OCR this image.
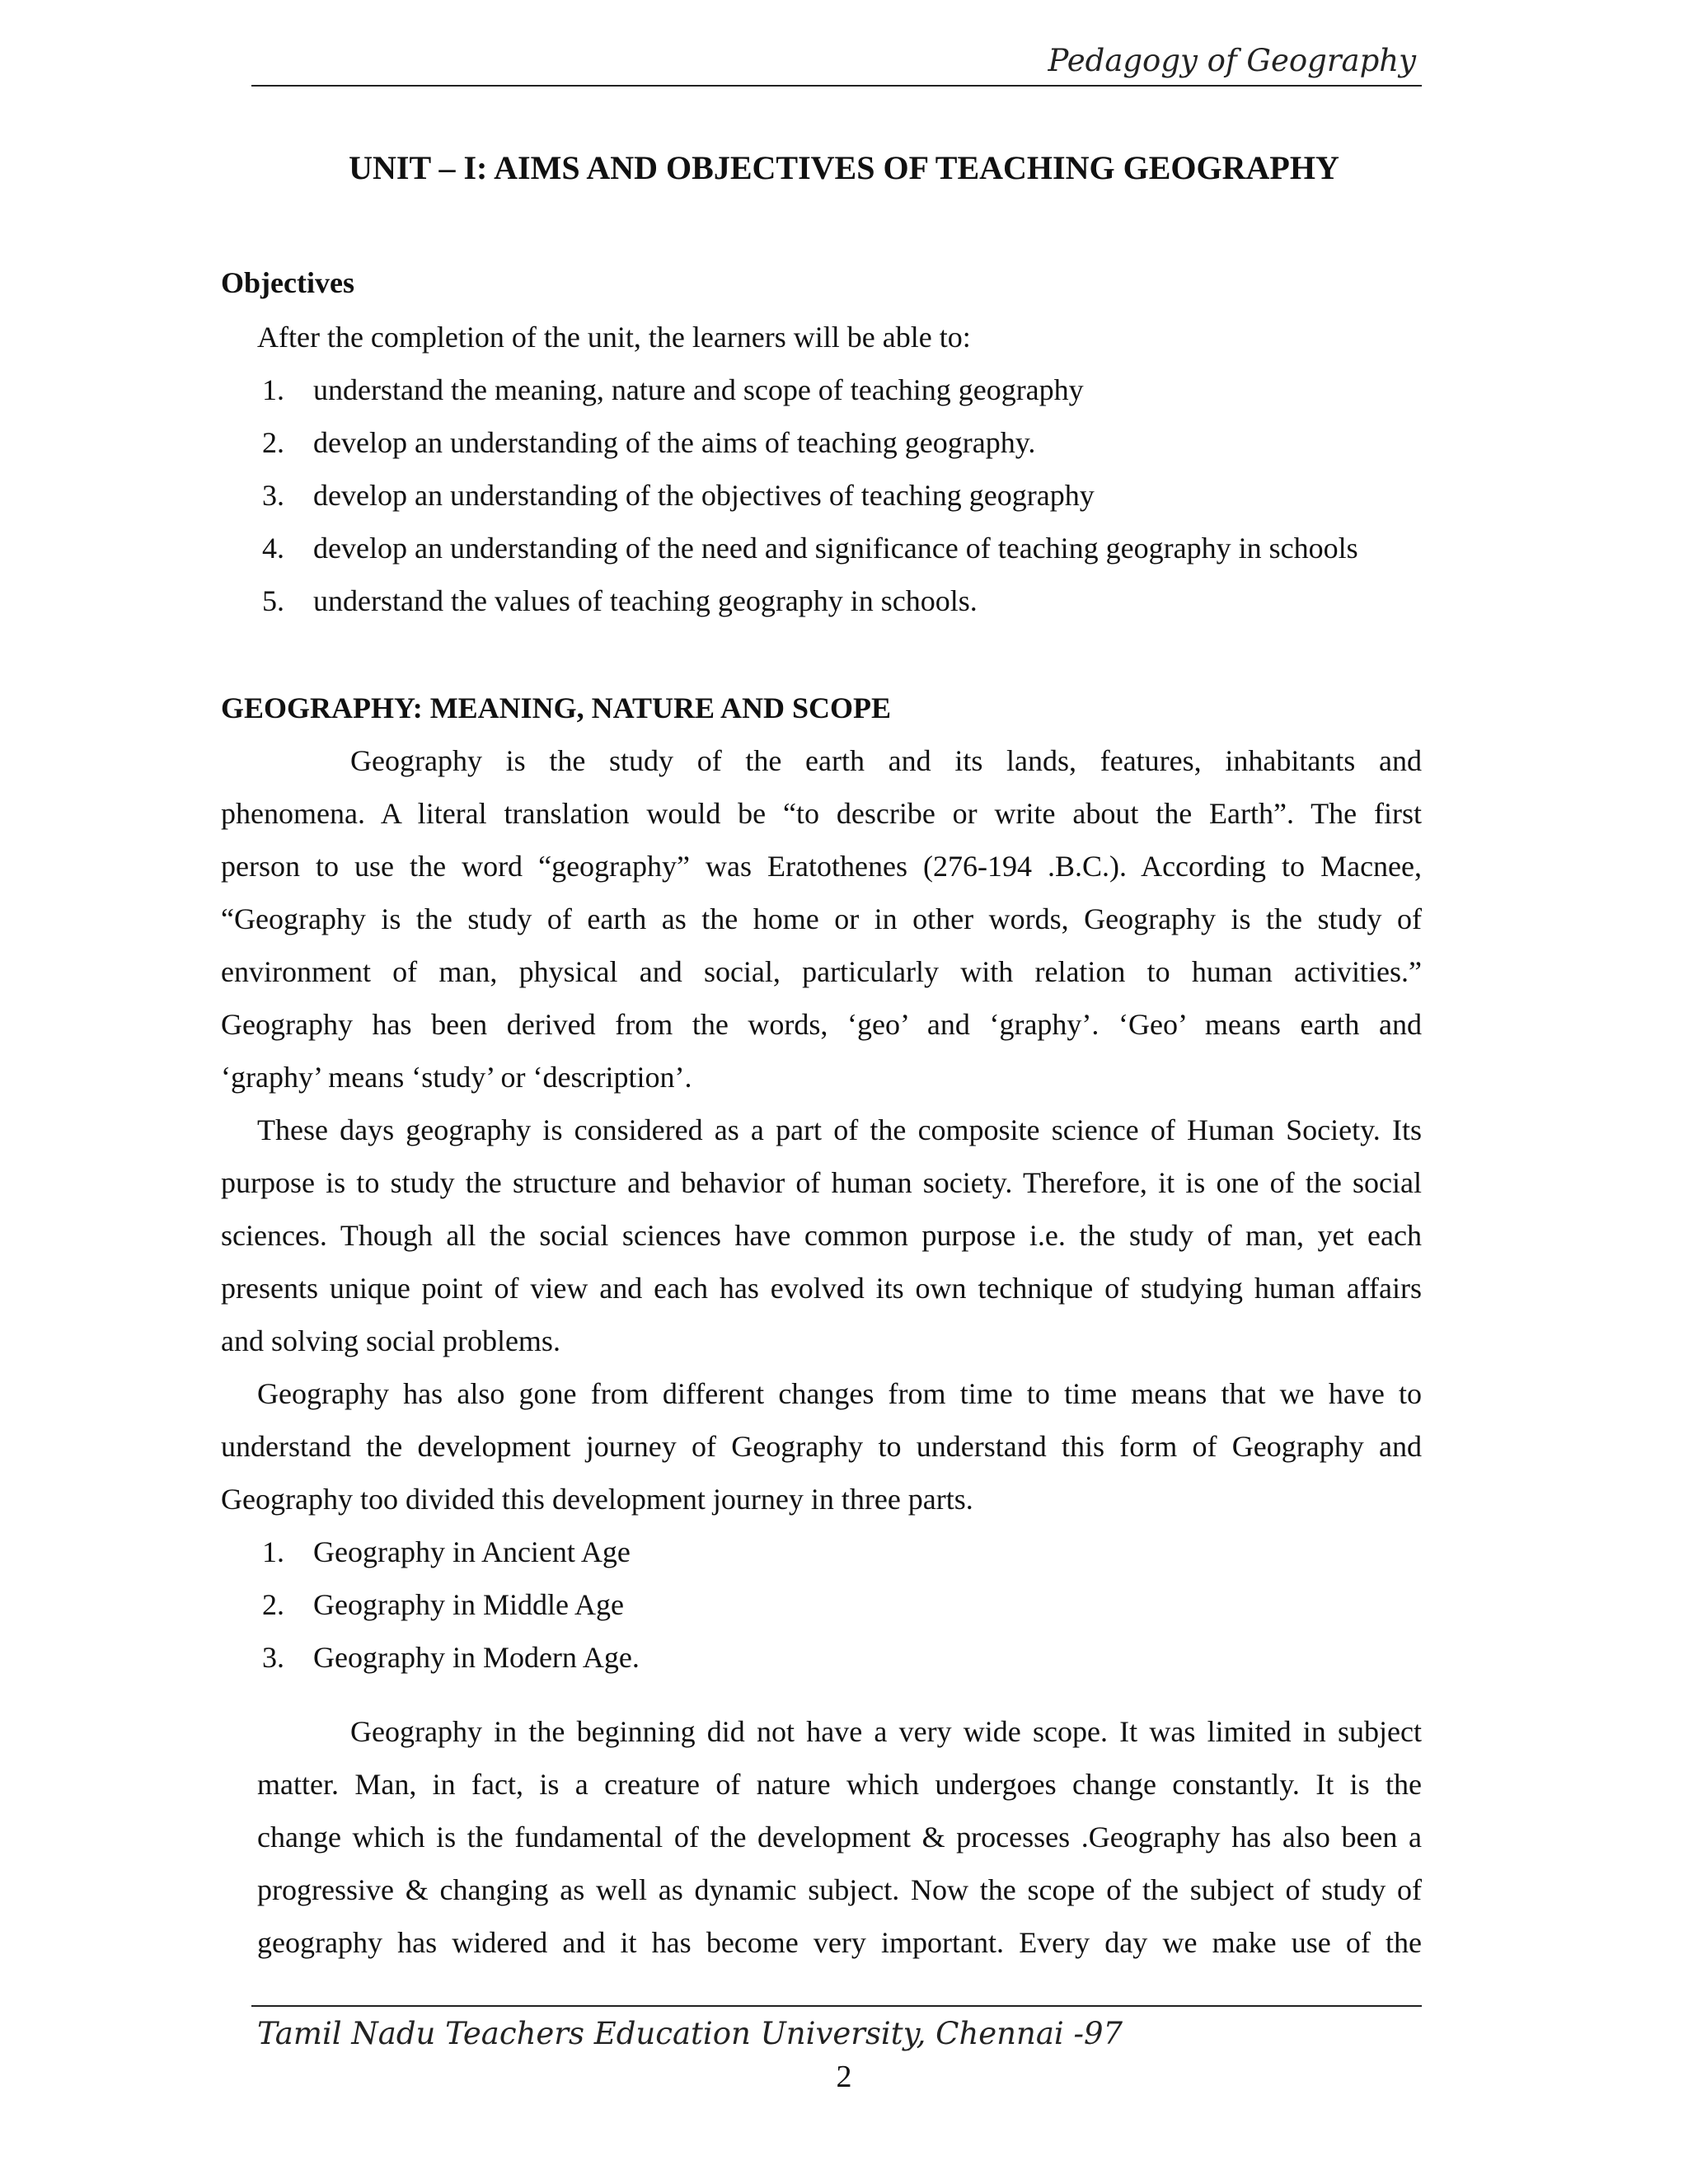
Pedagogy of Geography
UNIT – I: AIMS AND OBJECTIVES OF TEACHING GEOGRAPHY
Objectives
After the completion of the unit, the learners will be able to:
1. understand the meaning, nature and scope of teaching geography
2. develop an understanding of the aims of teaching geography.
3. develop an understanding of the objectives of teaching geography
4. develop an understanding of the need and significance of teaching geography in schools
5. understand the values of teaching geography in schools.
GEOGRAPHY: MEANING, NATURE AND SCOPE
Geography is the study of the earth and its lands, features, inhabitants and
phenomena. A literal translation would be “to describe or write about the Earth”. The first
person to use the word “geography” was Eratothenes (276-194 .B.C.). According to Macnee,
“Geography is the study of earth as the home or in other words, Geography is the study of
environment of man, physical and social, particularly with relation to human activities.”
Geography has been derived from the words, ‘geo’ and ‘graphy’. ‘Geo’ means earth and
‘graphy’ means ‘study’ or ‘description’.
These days geography is considered as a part of the composite science of Human Society. Its
purpose is to study the structure and behavior of human society. Therefore, it is one of the social
sciences. Though all the social sciences have common purpose i.e. the study of man, yet each
presents unique point of view and each has evolved its own technique of studying human affairs
and solving social problems.
Geography has also gone from different changes from time to time means that we have to
understand the development journey of Geography to understand this form of Geography and
Geography too divided this development journey in three parts.
1. Geography in Ancient Age
2. Geography in Middle Age
3. Geography in Modern Age.
Geography in the beginning did not have a very wide scope. It was limited in subject
matter. Man, in fact, is a creature of nature which undergoes change constantly. It is the
change which is the fundamental of the development & processes .Geography has also been a
progressive & changing as well as dynamic subject. Now the scope of the subject of study of
geography has widered and it has become very important. Every day we make use of the
Tamil Nadu Teachers Education University, Chennai -97
2
